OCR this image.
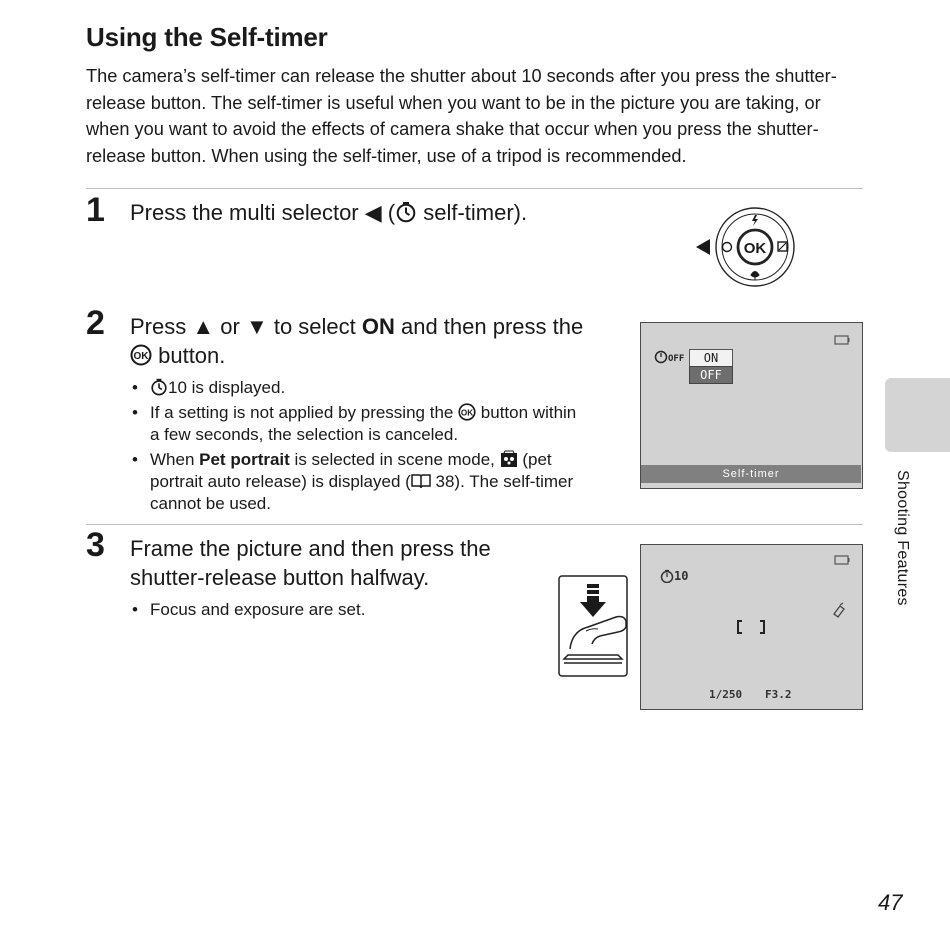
Using the Self-timer

The camera’s self-timer can release the shutter about 10 seconds after you press the shutter-release button. The self-timer is useful when you want to be in the picture you are taking, or when you want to avoid the effects of camera shake that occur when you press the shutter-release button. When using the self-timer, use of a tripod is recommended.

1 Press the multi selector ◀ ( self-timer).
OK
2 Press ▲ or ▼ to select ON and then press the
OK button.
• 10 is displayed.
• If a setting is not applied by pressing the OK button within
a few seconds, the selection is canceled.
• When Pet portrait is selected in scene mode,  (pet
portrait auto release) is displayed ( 38). The self-timer
cannot be used.
OFF	ON
OFF
Self-timer
3 Frame the picture and then press the
shutter-release button halfway.
• Focus and exposure are set.
10
1/250 F3.2
Shooting Features
47
